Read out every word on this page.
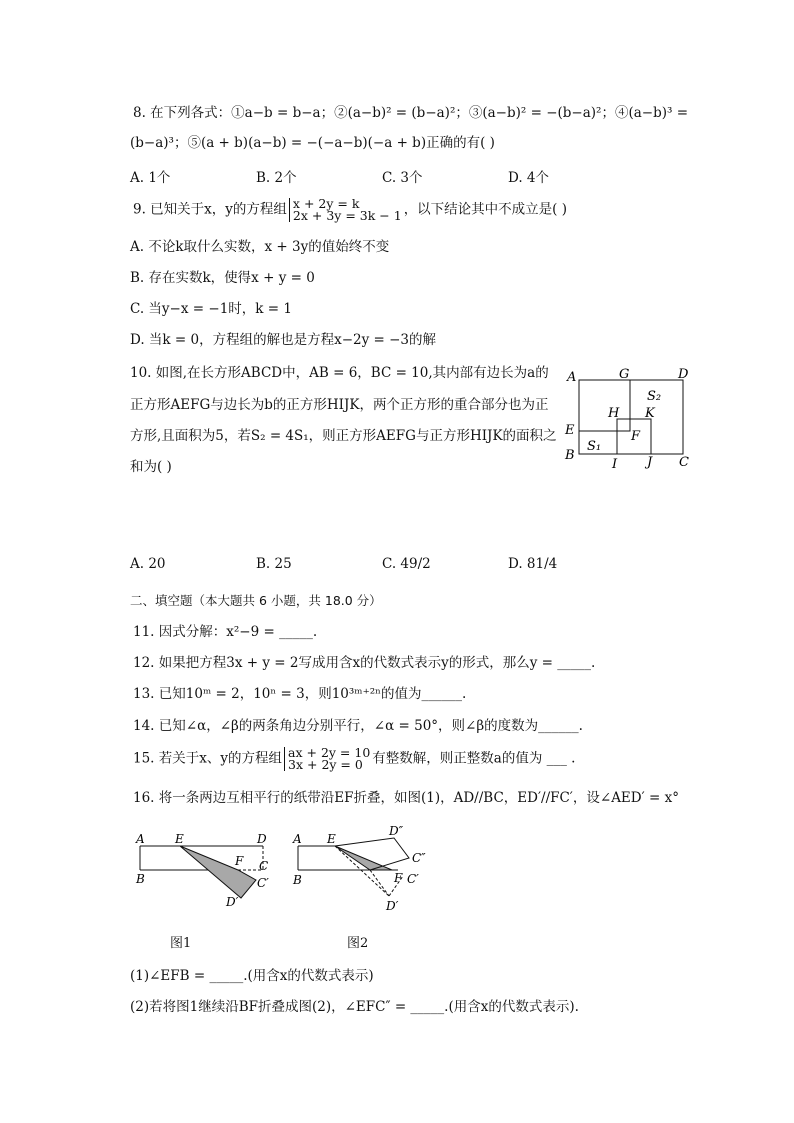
8. 在下列各式：①a−b = b−a；②(a−b)² = (b−a)²；③(a−b)² = −(b−a)²；④(a−b)³ =
(b−a)³；⑤(a + b)(a−b) = −(−a−b)(−a + b)正确的有( )
A. 1个	B. 2个	C. 3个	D. 4个
9. 已知关于x，y的方程组 x + 2y = k
2x + 3y = 3k − 1 ，以下结论其中不成立是( )
A. 不论k取什么实数，x + 3y的值始终不变
B. 存在实数k，使得x + y = 0
C. 当y−x = −1时，k = 1
D. 当k = 0，方程组的解也是方程x−2y = −3的解
10. 如图,在长方形ABCD中，AB = 6，BC = 10,其内部有边长为a的
正方形AEFG与边长为b的正方形HIJK，两个正方形的重合部分也为正
方形,且面积为5，若S₂ = 4S₁，则正方形AEFG与正方形HIJK的面积之
和为( )
A	G	D
S₂
H K
E	F
S₁
B
I J C
A. 20	B. 25	C. 49/2	D. 81/4
二、填空题（本大题共 6 小题，共 18.0 分）
11. 因式分解：x²−9 = _____.
12. 如果把方程3x + y = 2写成用含x的代数式表示y的形式，那么y = _____.
13. 已知10ᵐ = 2，10ⁿ = 3，则10³ᵐ⁺²ⁿ的值为______.
14. 已知∠α，∠β的两条角边分别平行，∠α = 50°，则∠β的度数为______.
15. 若关于x、y的方程组 ax + 2y = 10
3x + 2y = 0 有整数解，则正整数a的值为 ___ .
16. 将一条两边互相平行的纸带沿EF折叠，如图(1)，AD//BC，ED′//FC′，设∠AED′ = x°
A	E	D
C
F
B	C′
D′
图1
A E
D″
C″
F C′
B
D′
图2
(1)∠EFB = _____.(用含x的代数式表示)
(2)若将图1继续沿BF折叠成图(2)，∠EFC″ = _____.(用含x的代数式表示).
